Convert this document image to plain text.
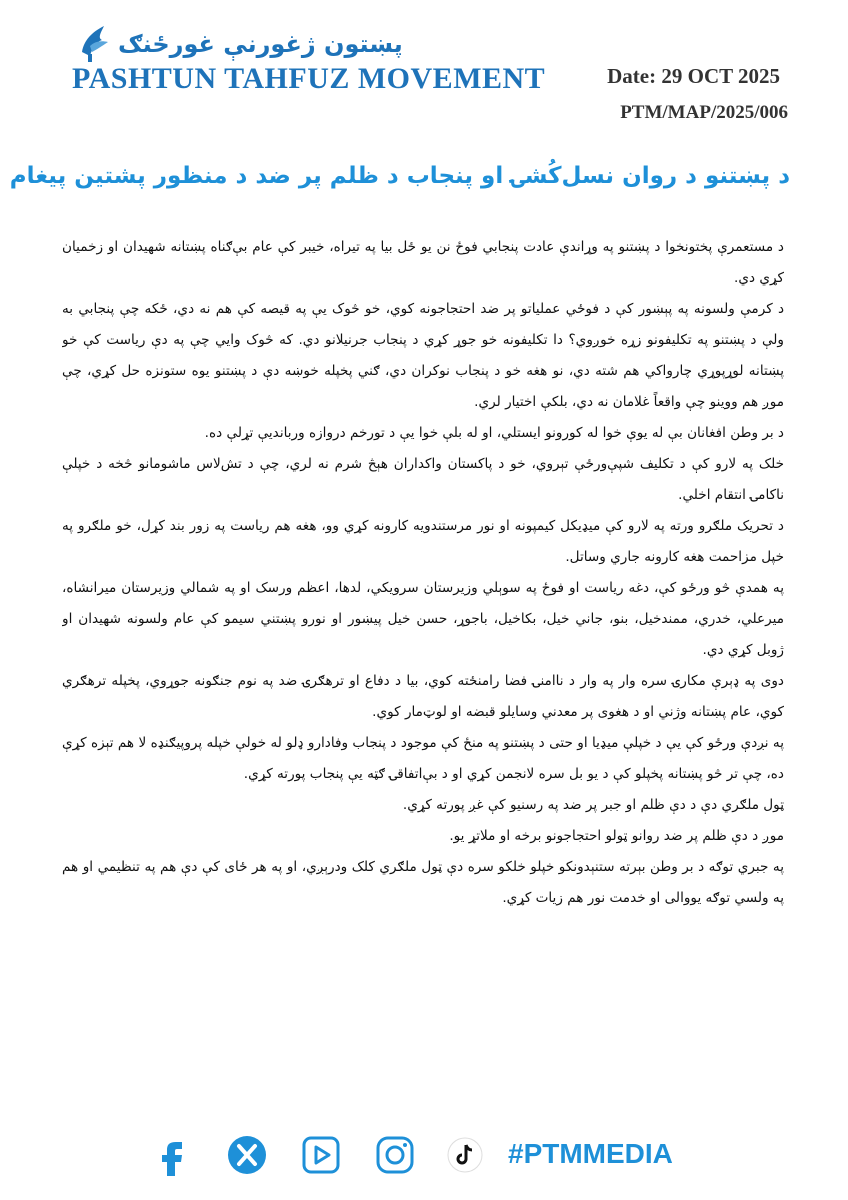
پښتون ژغورنې غورځنګ
PASHTUN TAHFUZ MOVEMENT	Date: 29 OCT 2025
PTM/MAP/2025/006
د پښتنو د روان نسل‌کُشۍ او پنجاب د ظلم پر ضد د منظور پشتين پيغام

د مستعمرې پختونخوا د پښتنو په وړاندې عادت پنجابي فوځ نن يو ځل بيا په تيراه، خيبر کې عام بې‌ګناه پښتانه شهيدان او زخميان کړي دي.

د کرمې ولسونه په پېښور کې د فوځي عملياتو پر ضد احتجاجونه کوي، خو څوک يې په قيصه کې هم نه دي، ځکه چې پنجابي به ولې د پښتنو په تکليفونو زړه خوږوي؟ دا تکليفونه خو جوړ کړي د پنجاب جرنيلانو دي. که څوک وايي چې په دې رياست کې خو پښتانه لوړپوړي چارواکي هم شته دي، نو هغه خو د پنجاب نوکران دي، ګني پخپله خوښه دې د پښتنو يوه ستونزه حل کړي، چې موږ هم ووينو چې واقعاً غلامان نه دي، بلکې اختيار لري.

د بر وطن افغانان بې له يوې خوا له کورونو ايستلي، او له بلې خوا يې د تورخم دروازه وربانديې تړلې ده.

خلک په لارو کې د تکليف شپې‌ورځې تېروي، خو د پاکستان واکداران هېڅ شرم نه لري، چې د تش‌لاس ماشومانو څخه د خپلې ناکامۍ انتقام اخلي.

د تحريک ملګرو ورته په لارو کې ميډيکل کيمپونه او نور مرستندويه کارونه کړي وو، هغه هم رياست په زور بند کړل، خو ملګرو په خپل مزاحمت هغه کارونه جاري وساتل.

په همدې څو ورځو کې، دغه رياست او فوځ په سوېلي وزيرستان سرويکي، لدها، اعظم ورسک او په شمالي وزيرستان ميرانشاه، ميرعلي، خدري، ممندخيل، بنو، جاني خيل، بکاخيل، باجوړ، حسن خيل پيښور او نورو پښتني سيمو کې عام ولسونه شهيدان او ژوبل کړي دي.

دوی په ډېرې مکارۍ سره وار په وار د ناامنۍ فضا رامنځته کوي، بيا د دفاع او ترهګرۍ ضد په نوم جنګونه جوړوي، پخپله ترهګري کوي، عام پښتانه وژني او د هغوی پر معدني وسايلو قبضه او لوټ‌مار کوي.

په نږدې ورځو کې يې د خپلې ميډيا او حتی د پښتنو په منځ کې موجود د پنجاب وفادارو ډلو له خولې خپله پروپيګنډه لا هم تېزه کړې ده، چې تر څو پښتانه پخپلو کې د يو بل سره لانجمن کړي او د بې‌اتفاقۍ ګټه يې پنجاب پورته کړي.

ټول ملګري دې د دې ظلم او جبر پر ضد په رسنيو کې غږ پورته کړي.

موږ د دې ظلم پر ضد روانو ټولو احتجاجونو برخه او ملاتړ يو.

په جبري توګه د بر وطن بېرته ستنېدونکو خپلو خلکو سره دې ټول ملګري کلک ودرېږي، او په هر ځای کې دې هم په تنظيمي او هم په ولسي توګه يووالی او خدمت نور هم زيات کړي.

#PTMMEDIA
